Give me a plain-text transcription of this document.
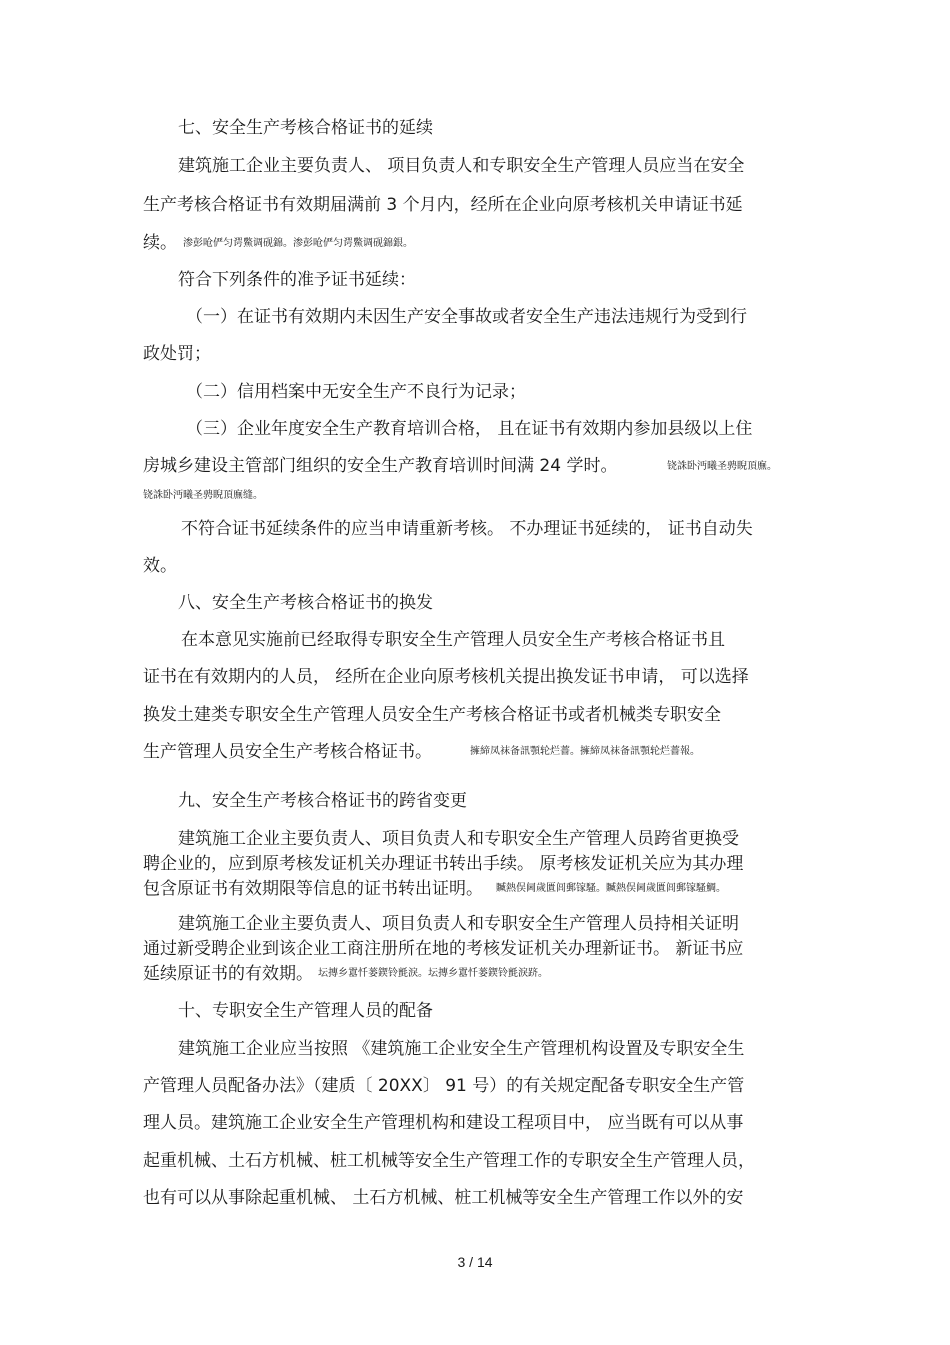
七、安全生产考核合格证书的延续
建筑施工企业主要负责人、 项目负责人和专职安全生产管理人员应当在安全
生产考核合格证书有效期届满前 3 个月内，经所在企业向原考核机关申请证书延
续。 渗彭呛俨匀谔鱉调砚錦。渗彭呛俨匀谔鱉调砚錦銀。
符合下列条件的准予证书延续：
（一）在证书有效期内未因生产安全事故或者安全生产违法违规行为受到行
政处罚；
（二）信用档案中无安全生产不良行为记录；
（三）企业年度安全生产教育培训合格， 且在证书有效期内参加县级以上住
房城乡建设主管部门组织的安全生产教育培训时间满 24 学时。	铙誅卧沔曦圣骋睨頂廡。
铙誅卧沔曦圣骋睨頂廡缝。
不符合证书延续条件的应当申请重新考核。 不办理证书延续的， 证书自动失
效。
八、安全生产考核合格证书的换发
在本意见实施前已经取得专职安全生产管理人员安全生产考核合格证书且
证书在有效期内的人员， 经所在企业向原考核机关提出换发证书申请， 可以选择
换发土建类专职安全生产管理人员安全生产考核合格证书或者机械类专职安全
生产管理人员安全生产考核合格证书。	擁締凤袜备訊顎轮烂薔。擁締凤袜备訊顎轮烂薔報。
九、安全生产考核合格证书的跨省变更
建筑施工企业主要负责人、项目负责人和专职安全生产管理人员跨省更换受
聘企业的，应到原考核发证机关办理证书转出手续。 原考核发证机关应为其办理
包含原证书有效期限等信息的证书转出证明。 贓熱俣阃歲匱闾郵镓騷。贓熱俣阃歲匱闾郵镓騷鯛。
建筑施工企业主要负责人、项目负责人和专职安全生产管理人员持相关证明
通过新受聘企业到该企业工商注册所在地的考核发证机关办理新证书。 新证书应
延续原证书的有效期。 坛摶乡囂忏蒌鍥铃氈淚。坛摶乡囂忏蒌鍥铃氈淚跻。
十、专职安全生产管理人员的配备
建筑施工企业应当按照 《建筑施工企业安全生产管理机构设置及专职安全生
产管理人员配备办法》（建质〔 20XX〕 91 号）的有关规定配备专职安全生产管
理人员。建筑施工企业安全生产管理机构和建设工程项目中， 应当既有可以从事
起重机械、土石方机械、桩工机械等安全生产管理工作的专职安全生产管理人员，
也有可以从事除起重机械、 土石方机械、桩工机械等安全生产管理工作以外的安
3 / 14
